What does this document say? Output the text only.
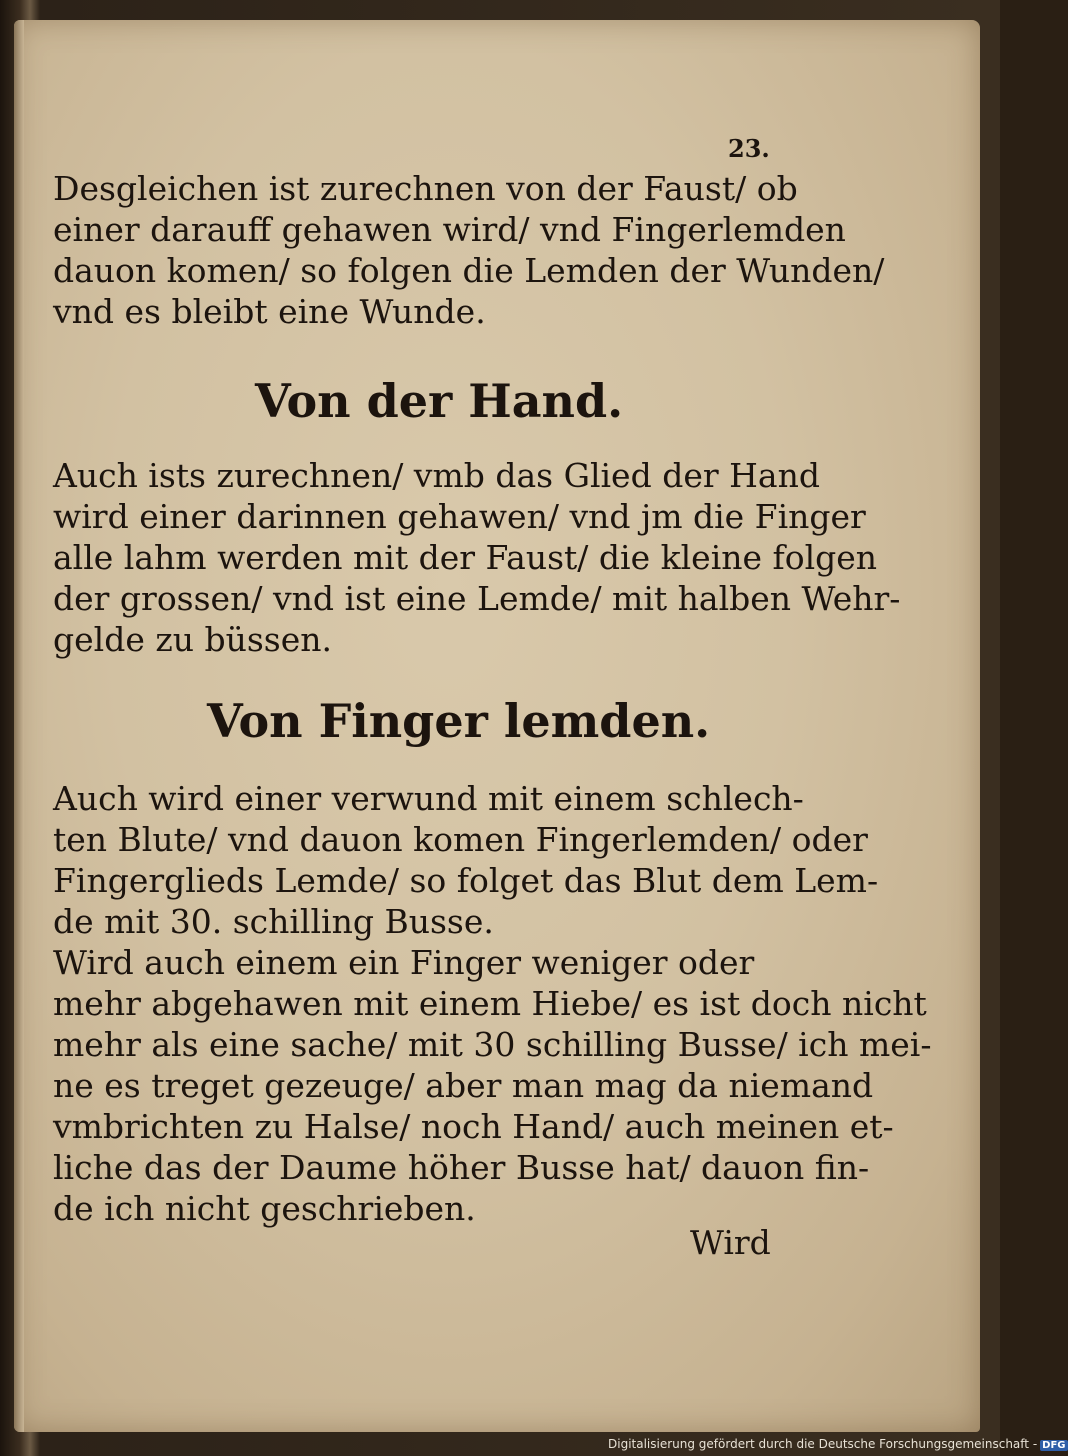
23.
Desgleichen ist zurechnen von der Faust/ ob
einer darauff gehawen wird/ vnd Fingerlemden
dauon komen/ so folgen die Lemden der Wunden/
vnd es bleibt eine Wunde.
Von der Hand.
Auch ists zurechnen/ vmb das Glied der Hand
wird einer darinnen gehawen/ vnd jm die Finger
alle lahm werden mit der Faust/ die kleine folgen
der grossen/ vnd ist eine Lemde/ mit halben Wehr-
gelde zu büssen.
Von Finger lemden.
Auch wird einer verwund mit einem schlech-
ten Blute/ vnd dauon komen Fingerlemden/ oder
Fingerglieds Lemde/ so folget das Blut dem Lem-
de mit 30. schilling Busse.
Wird auch einem ein Finger weniger oder
mehr abgehawen mit einem Hiebe/ es ist doch nicht
mehr als eine sache/ mit 30 schilling Busse/ ich mei-
ne es treget gezeuge/ aber man mag da niemand
vmbrichten zu Halse/ noch Hand/ auch meinen et-
liche das der Daume höher Busse hat/ dauon fin-
de ich nicht geschrieben.
Wird
Digitalisierung gefördert durch die Deutsche Forschungsgemeinschaft - DFG
